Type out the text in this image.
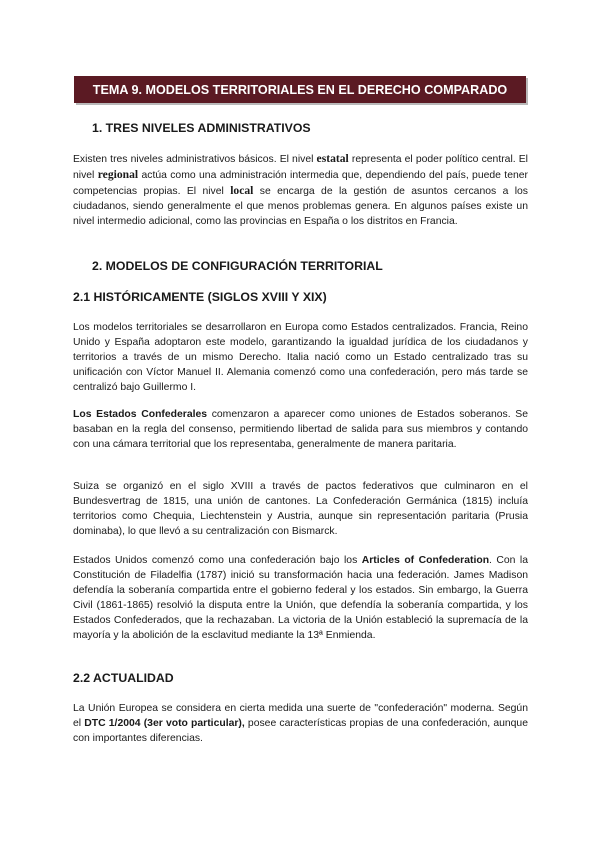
TEMA 9. MODELOS TERRITORIALES EN EL DERECHO COMPARADO
1. TRES NIVELES ADMINISTRATIVOS
Existen tres niveles administrativos básicos. El nivel estatal representa el poder político central. El nivel regional actúa como una administración intermedia que, dependiendo del país, puede tener competencias propias. El nivel local se encarga de la gestión de asuntos cercanos a los ciudadanos, siendo generalmente el que menos problemas genera. En algunos países existe un nivel intermedio adicional, como las provincias en España o los distritos en Francia.
2. MODELOS DE CONFIGURACIÓN TERRITORIAL
2.1 HISTÓRICAMENTE (SIGLOS XVIII Y XIX)
Los modelos territoriales se desarrollaron en Europa como Estados centralizados. Francia, Reino Unido y España adoptaron este modelo, garantizando la igualdad jurídica de los ciudadanos y territorios a través de un mismo Derecho. Italia nació como un Estado centralizado tras su unificación con Víctor Manuel II. Alemania comenzó como una confederación, pero más tarde se centralizó bajo Guillermo I.
Los Estados Confederales comenzaron a aparecer como uniones de Estados soberanos. Se basaban en la regla del consenso, permitiendo libertad de salida para sus miembros y contando con una cámara territorial que los representaba, generalmente de manera paritaria.
Suiza se organizó en el siglo XVIII a través de pactos federativos que culminaron en el Bundesvertrag de 1815, una unión de cantones. La Confederación Germánica (1815) incluía territorios como Chequia, Liechtenstein y Austria, aunque sin representación paritaria (Prusia dominaba), lo que llevó a su centralización con Bismarck.
Estados Unidos comenzó como una confederación bajo los Articles of Confederation. Con la Constitución de Filadelfia (1787) inició su transformación hacia una federación. James Madison defendía la soberanía compartida entre el gobierno federal y los estados. Sin embargo, la Guerra Civil (1861-1865) resolvió la disputa entre la Unión, que defendía la soberanía compartida, y los Estados Confederados, que la rechazaban. La victoria de la Unión estableció la supremacía de la mayoría y la abolición de la esclavitud mediante la 13ª Enmienda.
2.2 ACTUALIDAD
La Unión Europea se considera en cierta medida una suerte de "confederación" moderna. Según el DTC 1/2004 (3er voto particular), posee características propias de una confederación, aunque con importantes diferencias.
